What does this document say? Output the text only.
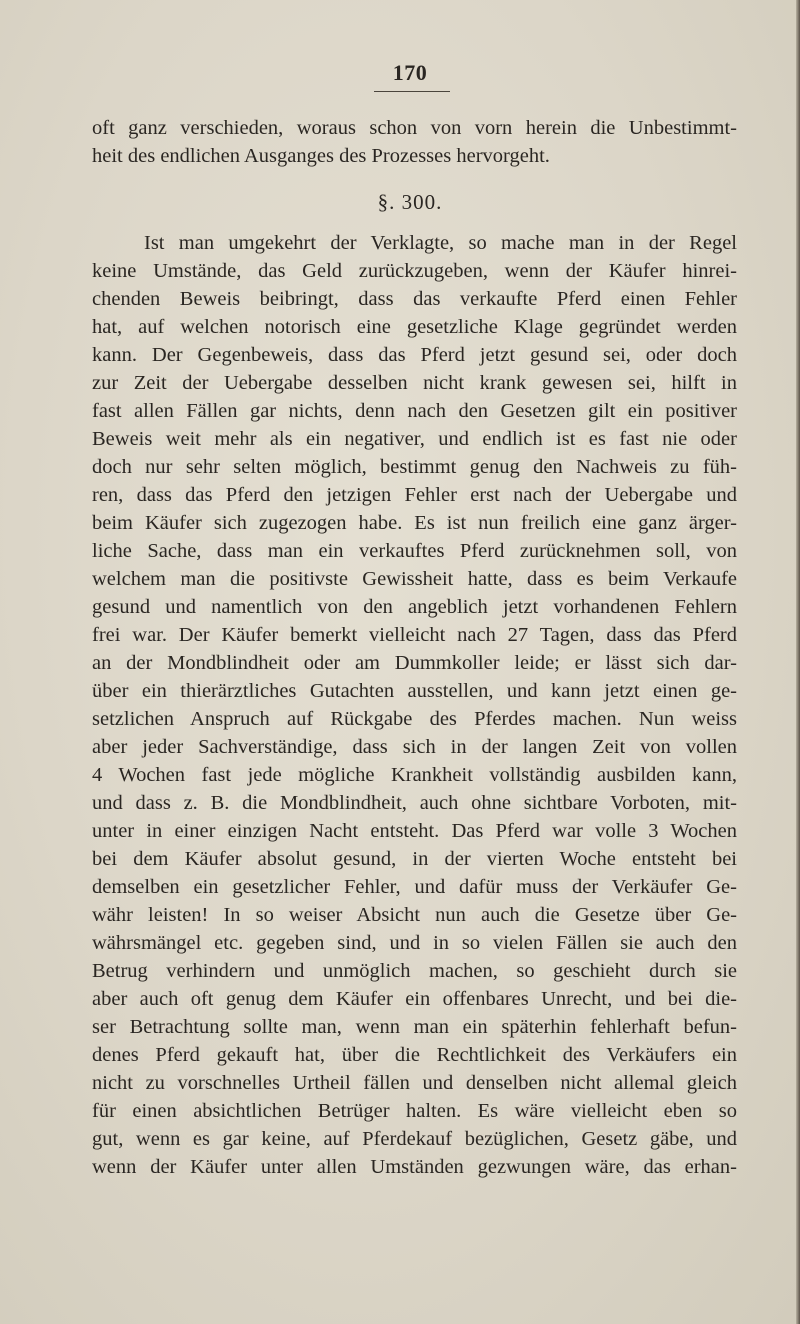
170
oft ganz verschieden, woraus schon von vorn herein die Unbestimmt-
heit des endlichen Ausganges des Prozesses hervorgeht.
§. 300.
Ist man umgekehrt der Verklagte, so mache man in der Regel
keine Umstände, das Geld zurückzugeben, wenn der Käufer hinrei-
chenden Beweis beibringt, dass das verkaufte Pferd einen Fehler
hat, auf welchen notorisch eine gesetzliche Klage gegründet werden
kann. Der Gegenbeweis, dass das Pferd jetzt gesund sei, oder doch
zur Zeit der Uebergabe desselben nicht krank gewesen sei, hilft in
fast allen Fällen gar nichts, denn nach den Gesetzen gilt ein positiver
Beweis weit mehr als ein negativer, und endlich ist es fast nie oder
doch nur sehr selten möglich, bestimmt genug den Nachweis zu füh-
ren, dass das Pferd den jetzigen Fehler erst nach der Uebergabe und
beim Käufer sich zugezogen habe. Es ist nun freilich eine ganz ärger-
liche Sache, dass man ein verkauftes Pferd zurücknehmen soll, von
welchem man die positivste Gewissheit hatte, dass es beim Verkaufe
gesund und namentlich von den angeblich jetzt vorhandenen Fehlern
frei war. Der Käufer bemerkt vielleicht nach 27 Tagen, dass das Pferd
an der Mondblindheit oder am Dummkoller leide; er lässt sich dar-
über ein thierärztliches Gutachten ausstellen, und kann jetzt einen ge-
setzlichen Anspruch auf Rückgabe des Pferdes machen. Nun weiss
aber jeder Sachverständige, dass sich in der langen Zeit von vollen
4 Wochen fast jede mögliche Krankheit vollständig ausbilden kann,
und dass z. B. die Mondblindheit, auch ohne sichtbare Vorboten, mit-
unter in einer einzigen Nacht entsteht. Das Pferd war volle 3 Wochen
bei dem Käufer absolut gesund, in der vierten Woche entsteht bei
demselben ein gesetzlicher Fehler, und dafür muss der Verkäufer Ge-
währ leisten! In so weiser Absicht nun auch die Gesetze über Ge-
währsmängel etc. gegeben sind, und in so vielen Fällen sie auch den
Betrug verhindern und unmöglich machen, so geschieht durch sie
aber auch oft genug dem Käufer ein offenbares Unrecht, und bei die-
ser Betrachtung sollte man, wenn man ein späterhin fehlerhaft befun-
denes Pferd gekauft hat, über die Rechtlichkeit des Verkäufers ein
nicht zu vorschnelles Urtheil fällen und denselben nicht allemal gleich
für einen absichtlichen Betrüger halten. Es wäre vielleicht eben so
gut, wenn es gar keine, auf Pferdekauf bezüglichen, Gesetz gäbe, und
wenn der Käufer unter allen Umständen gezwungen wäre, das erhan-
